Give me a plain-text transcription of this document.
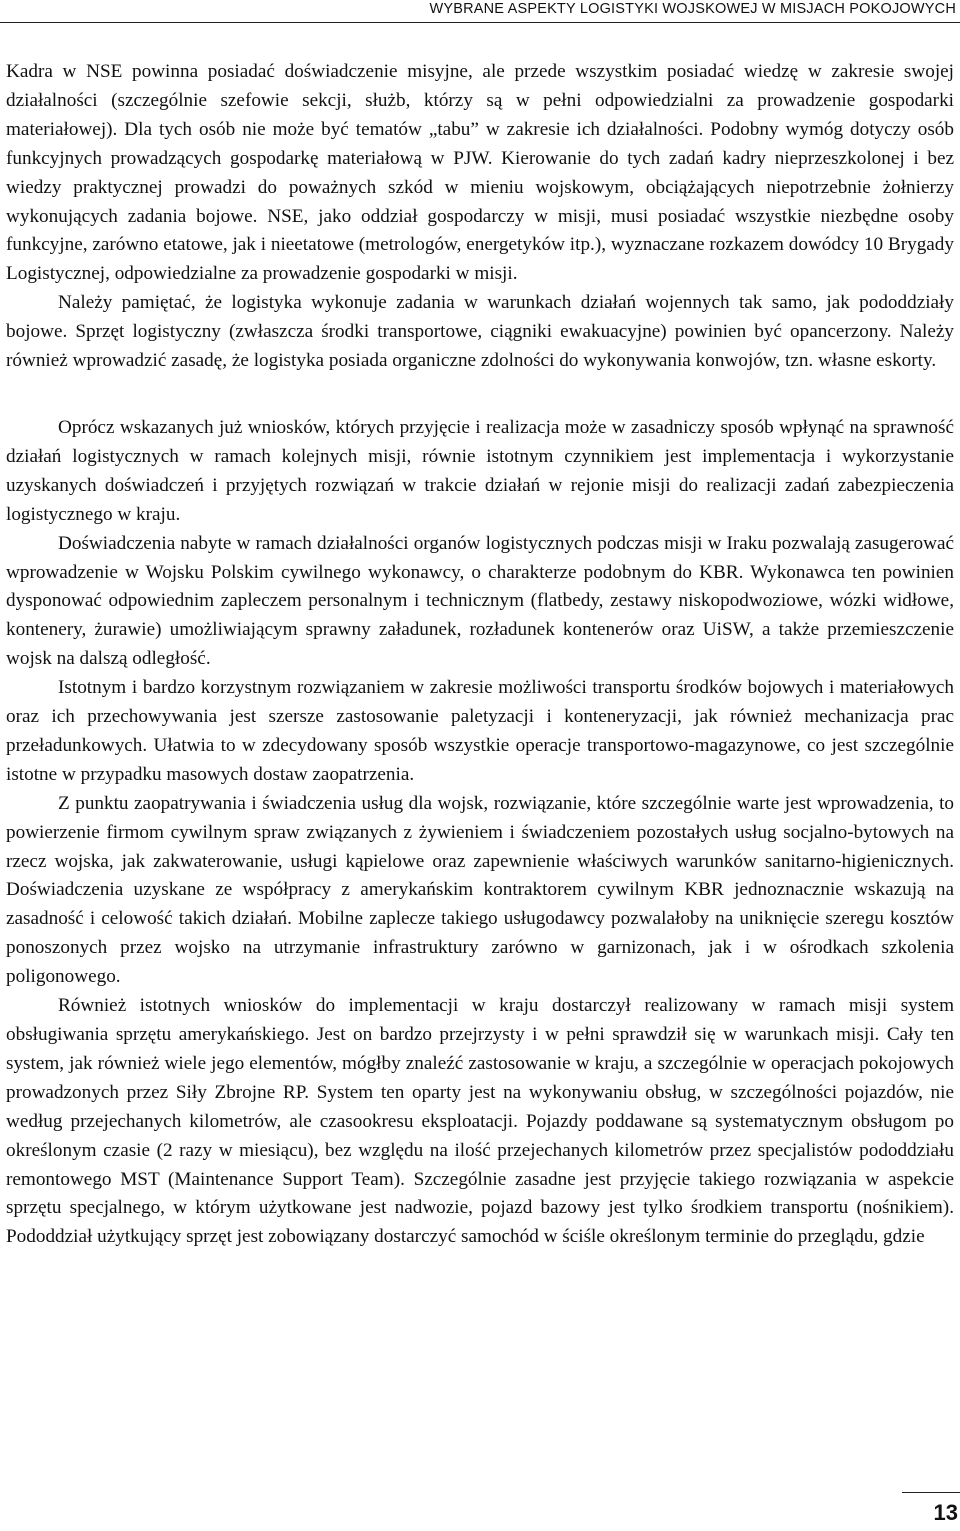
WYBRANE ASPEKTY LOGISTYKI WOJSKOWEJ W MISJACH POKOJOWYCH

Kadra w NSE powinna posiadać doświadczenie misyjne, ale przede wszystkim posiadać wiedzę w zakresie swojej działalności (szczególnie szefowie sekcji, służb, którzy są w pełni odpowiedzialni za prowadzenie gospodarki materiałowej). Dla tych osób nie może być tematów „tabu” w zakresie ich działalności. Podobny wymóg dotyczy osób funkcyjnych prowadzących gospodarkę materiałową w PJW. Kierowanie do tych zadań kadry nieprzeszkolonej i bez wiedzy praktycznej prowadzi do poważnych szkód w mieniu wojskowym, obciążających niepotrzebnie żołnierzy wykonujących zadania bojowe. NSE, jako oddział gospodarczy w misji, musi posiadać wszystkie niezbędne osoby funkcyjne, zarówno etatowe, jak i nieetatowe (metrologów, energetyków itp.), wyznaczane rozkazem dowódcy 10 Brygady Logistycznej, odpowiedzialne za prowadzenie gospodarki w misji.

Należy pamiętać, że logistyka wykonuje zadania w warunkach działań wojennych tak samo, jak pododdziały bojowe. Sprzęt logistyczny (zwłaszcza środki transportowe, ciągniki ewakuacyjne) powinien być opancerzony. Należy również wprowadzić zasadę, że logistyka posiada organiczne zdolności do wykonywania konwojów, tzn. własne eskorty.

Oprócz wskazanych już wniosków, których przyjęcie i realizacja może w zasadniczy sposób wpłynąć na sprawność działań logistycznych w ramach kolejnych misji, równie istotnym czynnikiem jest implementacja i wykorzystanie uzyskanych doświadczeń i przyjętych rozwiązań w trakcie działań w rejonie misji do realizacji zadań zabezpieczenia logistycznego w kraju.

Doświadczenia nabyte w ramach działalności organów logistycznych podczas misji w Iraku pozwalają zasugerować wprowadzenie w Wojsku Polskim cywilnego wykonawcy, o charakterze podobnym do KBR. Wykonawca ten powinien dysponować odpowiednim zapleczem personalnym i technicznym (flatbedy, zestawy niskopodwoziowe, wózki widłowe, kontenery, żurawie) umożliwiającym sprawny załadunek, rozładunek kontenerów oraz UiSW, a także przemieszczenie wojsk na dalszą odległość.

Istotnym i bardzo korzystnym rozwiązaniem w zakresie możliwości transportu środków bojowych i materiałowych oraz ich przechowywania jest szersze zastosowanie paletyzacji i konteneryzacji, jak również mechanizacja prac przeładunkowych. Ułatwia to w zdecydowany sposób wszystkie operacje transportowo-magazynowe, co jest szczególnie istotne w przypadku masowych dostaw zaopatrzenia.

Z punktu zaopatrywania i świadczenia usług dla wojsk, rozwiązanie, które szczególnie warte jest wprowadzenia, to powierzenie firmom cywilnym spraw związanych z żywieniem i świadczeniem pozostałych usług socjalno-bytowych na rzecz wojska, jak zakwaterowanie, usługi kąpielowe oraz zapewnienie właściwych warunków sanitarno-higienicznych. Doświadczenia uzyskane ze współpracy z amerykańskim kontraktorem cywilnym KBR jednoznacznie wskazują na zasadność i celowość takich działań. Mobilne zaplecze takiego usługodawcy pozwalałoby na uniknięcie szeregu kosztów ponoszonych przez wojsko na utrzymanie infrastruktury zarówno w garnizonach, jak i w ośrodkach szkolenia poligonowego.

Również istotnych wniosków do implementacji w kraju dostarczył realizowany w ramach misji system obsługiwania sprzętu amerykańskiego. Jest on bardzo przejrzysty i w pełni sprawdził się w warunkach misji. Cały ten system, jak również wiele jego elementów, mógłby znaleźć zastosowanie w kraju, a szczególnie w operacjach pokojowych prowadzonych przez Siły Zbrojne RP. System ten oparty jest na wykonywaniu obsług, w szczególności pojazdów, nie według przejechanych kilometrów, ale czasookresu eksploatacji. Pojazdy poddawane są systematycznym obsługom po określonym czasie (2 razy w miesiącu), bez względu na ilość przejechanych kilometrów przez specjalistów pododdziału remontowego MST (Maintenance Support Team). Szczególnie zasadne jest przyjęcie takiego rozwiązania w aspekcie sprzętu specjalnego, w którym użytkowane jest nadwozie, pojazd bazowy jest tylko środkiem transportu (nośnikiem). Pododdział użytkujący sprzęt jest zobowiązany dostarczyć samochód w ściśle określonym terminie do przeglądu, gdzie

13
